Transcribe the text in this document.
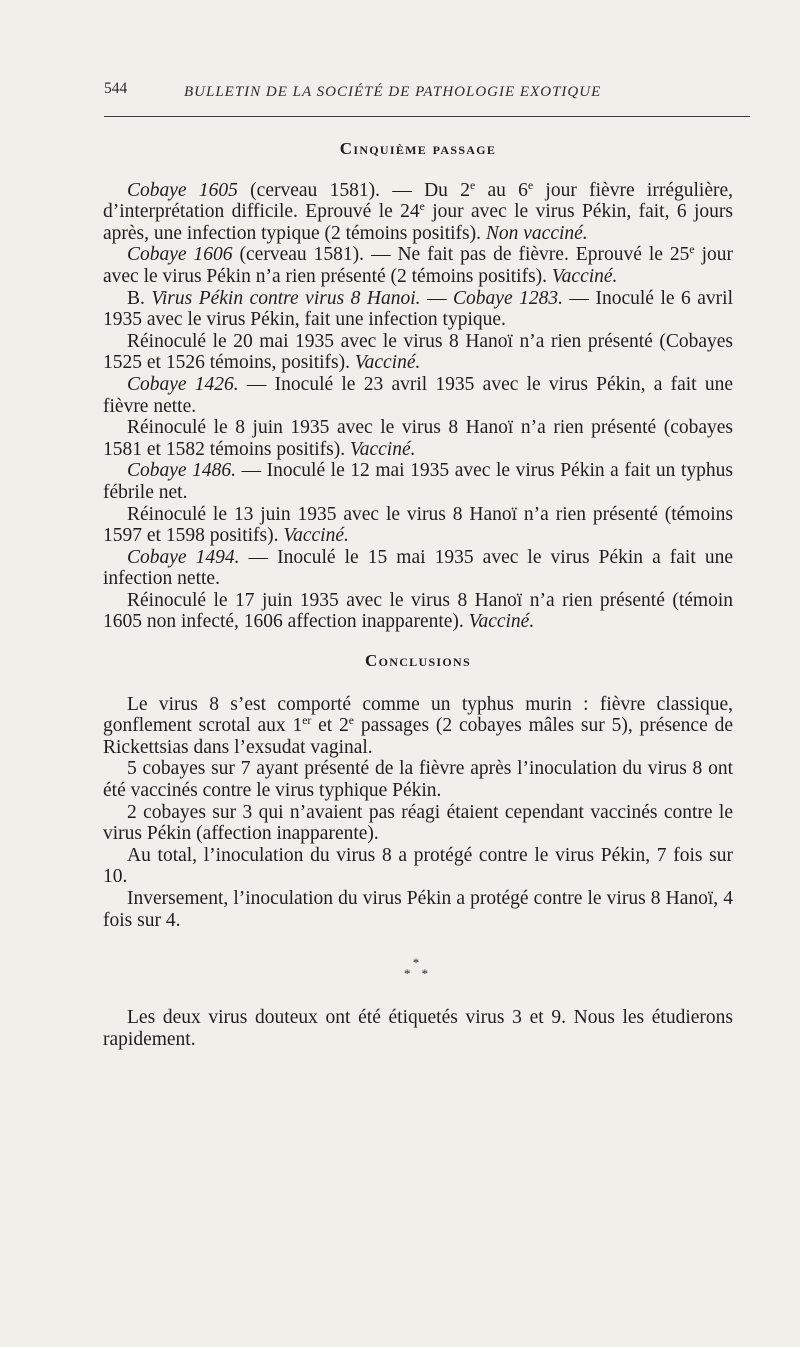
544	BULLETIN DE LA SOCIÉTÉ DE PATHOLOGIE EXOTIQUE
Cinquième passage

Cobaye 1605 (cerveau 1581). — Du 2e au 6e jour fièvre irrégulière, d’interprétation difficile. Eprouvé le 24e jour avec le virus Pékin, fait, 6 jours après, une infection typique (2 témoins positifs). Non vacciné.

Cobaye 1606 (cerveau 1581). — Ne fait pas de fièvre. Eprouvé le 25e jour avec le virus Pékin n’a rien présenté (2 témoins positifs). Vacciné.

B. Virus Pékin contre virus 8 Hanoi. — Cobaye 1283. — Inoculé le 6 avril 1935 avec le virus Pékin, fait une infection typique.

Réinoculé le 20 mai 1935 avec le virus 8 Hanoï n’a rien présenté (Cobayes 1525 et 1526 témoins, positifs). Vacciné.

Cobaye 1426. — Inoculé le 23 avril 1935 avec le virus Pékin, a fait une fièvre nette.

Réinoculé le 8 juin 1935 avec le virus 8 Hanoï n’a rien présenté (cobayes 1581 et 1582 témoins positifs). Vacciné.

Cobaye 1486. — Inoculé le 12 mai 1935 avec le virus Pékin a fait un typhus fébrile net.

Réinoculé le 13 juin 1935 avec le virus 8 Hanoï n’a rien présenté (témoins 1597 et 1598 positifs). Vacciné.

Cobaye 1494. — Inoculé le 15 mai 1935 avec le virus Pékin a fait une infection nette.

Réinoculé le 17 juin 1935 avec le virus 8 Hanoï n’a rien présenté (témoin 1605 non infecté, 1606 affection inapparente). Vacciné.

Conclusions

Le virus 8 s’est comporté comme un typhus murin : fièvre classique, gonflement scrotal aux 1er et 2e passages (2 cobayes mâles sur 5), présence de Rickettsias dans l’exsudat vaginal.

5 cobayes sur 7 ayant présenté de la fièvre après l’inoculation du virus 8 ont été vaccinés contre le virus typhique Pékin.

2 cobayes sur 3 qui n’avaient pas réagi étaient cependant vaccinés contre le virus Pékin (affection inapparente).

Au total, l’inoculation du virus 8 a protégé contre le virus Pékin, 7 fois sur 10.

Inversement, l’inoculation du virus Pékin a protégé contre le virus 8 Hanoï, 4 fois sur 4.

*
* *

Les deux virus douteux ont été étiquetés virus 3 et 9. Nous les étudierons rapidement.
